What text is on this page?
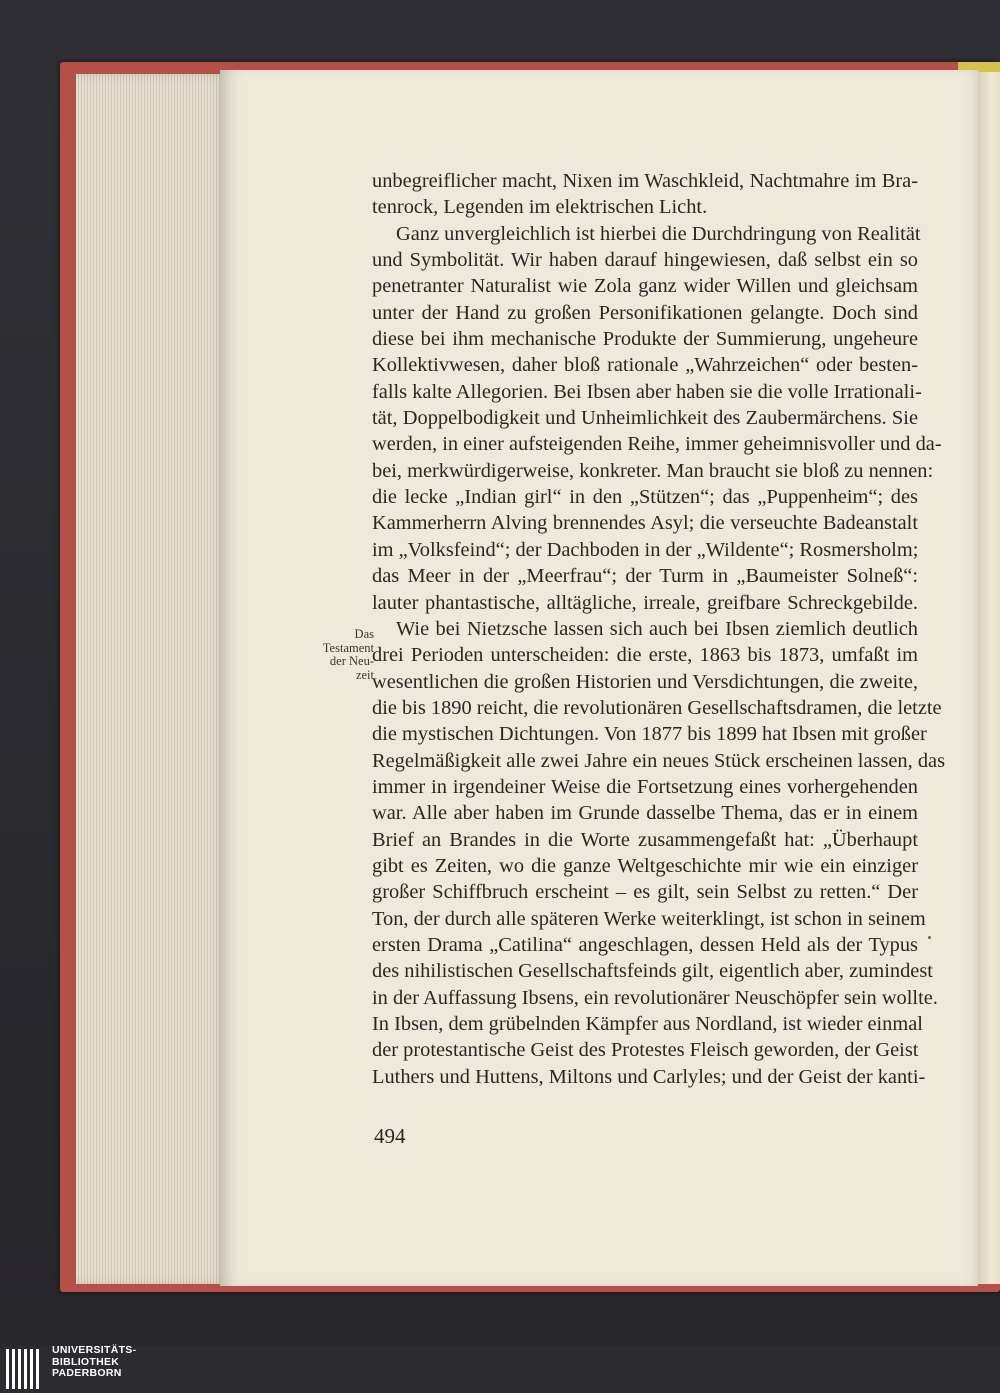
unbegreiflicher macht, Nixen im Waschkleid, Nachtmahre im Bra-
tenrock, Legenden im elektrischen Licht.
Ganz unvergleichlich ist hierbei die Durchdringung von Realität
und Symbolität. Wir haben darauf hingewiesen, daß selbst ein so
penetranter Naturalist wie Zola ganz wider Willen und gleichsam
unter der Hand zu großen Personifikationen gelangte. Doch sind
diese bei ihm mechanische Produkte der Summierung, ungeheure
Kollektivwesen, daher bloß rationale „Wahrzeichen“ oder besten-
falls kalte Allegorien. Bei Ibsen aber haben sie die volle Irrationali-
tät, Doppelbodigkeit und Unheimlichkeit des Zaubermärchens. Sie
werden, in einer aufsteigenden Reihe, immer geheimnisvoller und da-
bei, merkwürdigerweise, konkreter. Man braucht sie bloß zu nennen:
die lecke „Indian girl“ in den „Stützen“; das „Puppenheim“; des
Kammerherrn Alving brennendes Asyl; die verseuchte Badeanstalt
im „Volksfeind“; der Dachboden in der „Wildente“; Rosmersholm;
das Meer in der „Meerfrau“; der Turm in „Baumeister Solneß“:
lauter phantastische, alltägliche, irreale, greifbare Schreckgebilde.
Wie bei Nietzsche lassen sich auch bei Ibsen ziemlich deutlich
drei Perioden unterscheiden: die erste, 1863 bis 1873, umfaßt im
wesentlichen die großen Historien und Versdichtungen, die zweite,
die bis 1890 reicht, die revolutionären Gesellschaftsdramen, die letzte
die mystischen Dichtungen. Von 1877 bis 1899 hat Ibsen mit großer
Regelmäßigkeit alle zwei Jahre ein neues Stück erscheinen lassen, das
immer in irgendeiner Weise die Fortsetzung eines vorhergehenden
war. Alle aber haben im Grunde dasselbe Thema, das er in einem
Brief an Brandes in die Worte zusammengefaßt hat: „Überhaupt
gibt es Zeiten, wo die ganze Weltgeschichte mir wie ein einziger
großer Schiffbruch erscheint – es gilt, sein Selbst zu retten.“ Der
Ton, der durch alle späteren Werke weiterklingt, ist schon in seinem
ersten Drama „Catilina“ angeschlagen, dessen Held als der Typus
des nihilistischen Gesellschaftsfeinds gilt, eigentlich aber, zumindest
in der Auffassung Ibsens, ein revolutionärer Neuschöpfer sein wollte.
In Ibsen, dem grübelnden Kämpfer aus Nordland, ist wieder einmal
der protestantische Geist des Protestes Fleisch geworden, der Geist
Luthers und Huttens, Miltons und Carlyles; und der Geist der kanti-
Das
Testament
der Neu-
zeit
494
UNIVERSITÄTS-
BIBLIOTHEK
PADERBORN
